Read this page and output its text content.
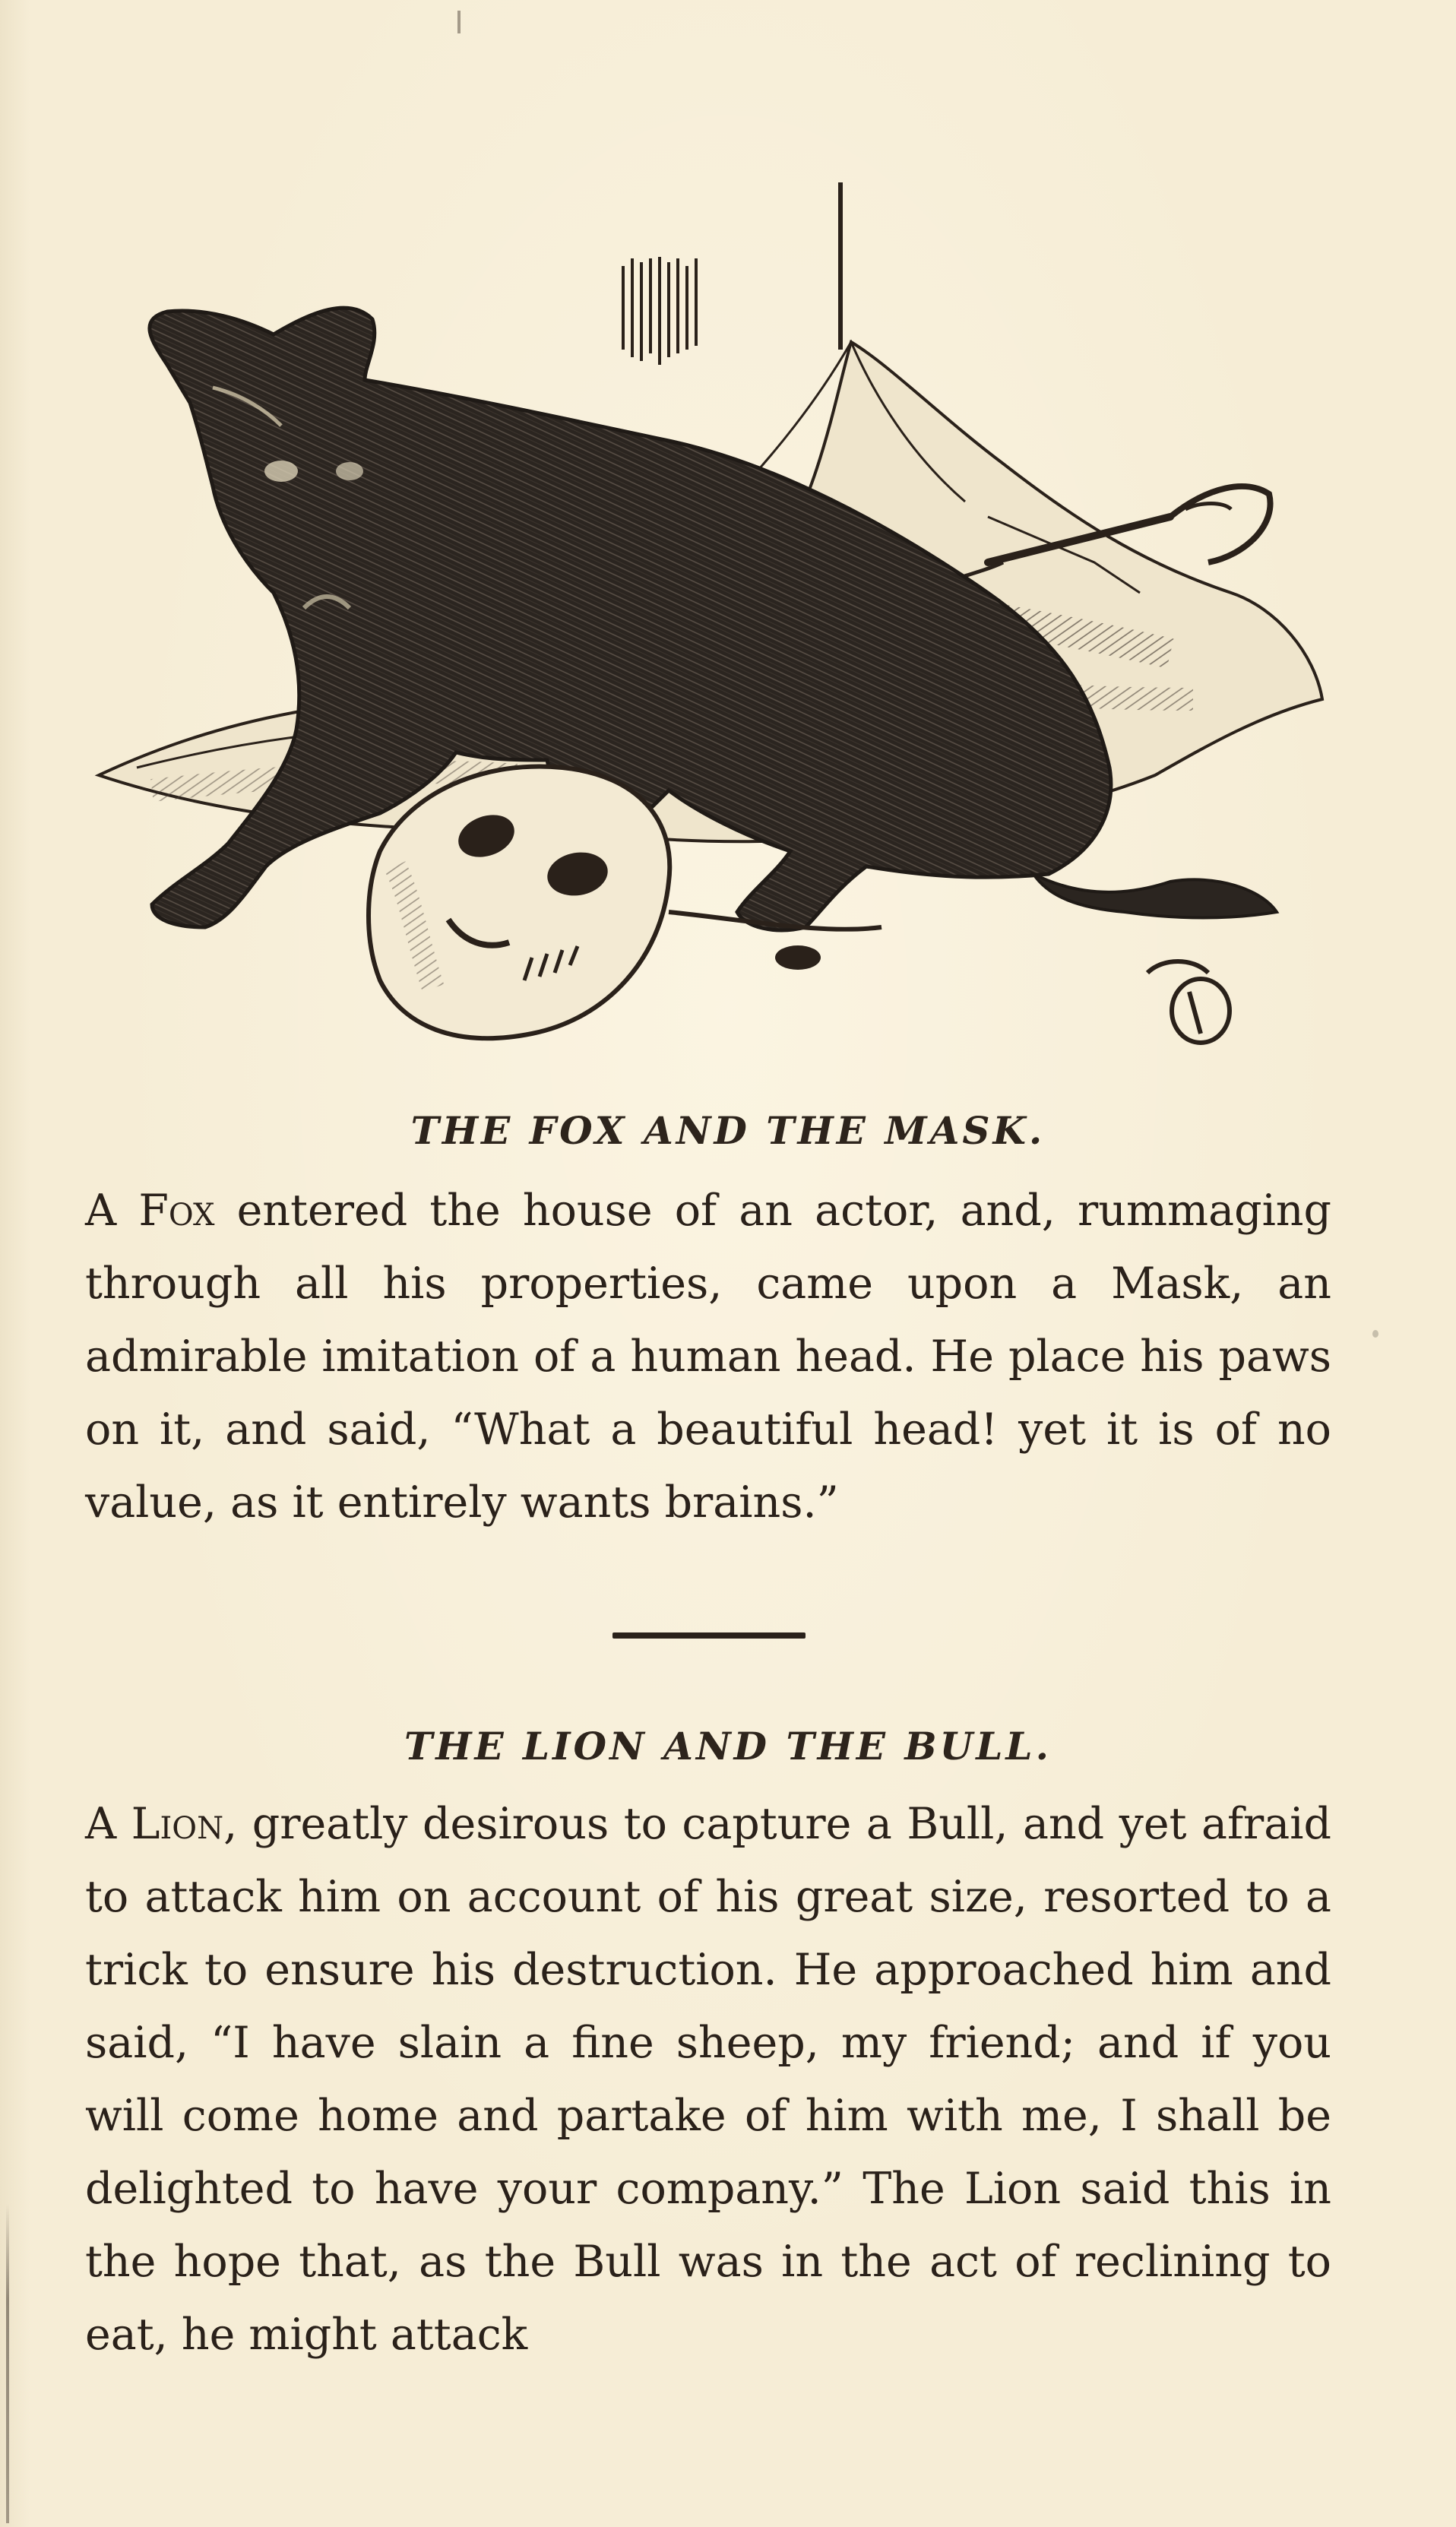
THE FOX AND THE MASK.

A Fox entered the house of an actor, and, rummaging through all his properties, came upon a Mask, an admirable imitation of a human head. He place his paws on it, and said, “What a beautiful head! yet it is of no value, as it entirely wants brains.”

THE LION AND THE BULL.

A Lion, greatly desirous to capture a Bull, and yet afraid to attack him on account of his great size, resorted to a trick to ensure his destruction. He approached him and said, “I have slain a fine sheep, my friend; and if you will come home and partake of him with me, I shall be delighted to have your company.” The Lion said this in the hope that, as the Bull was in the act of reclining to eat, he might attack
